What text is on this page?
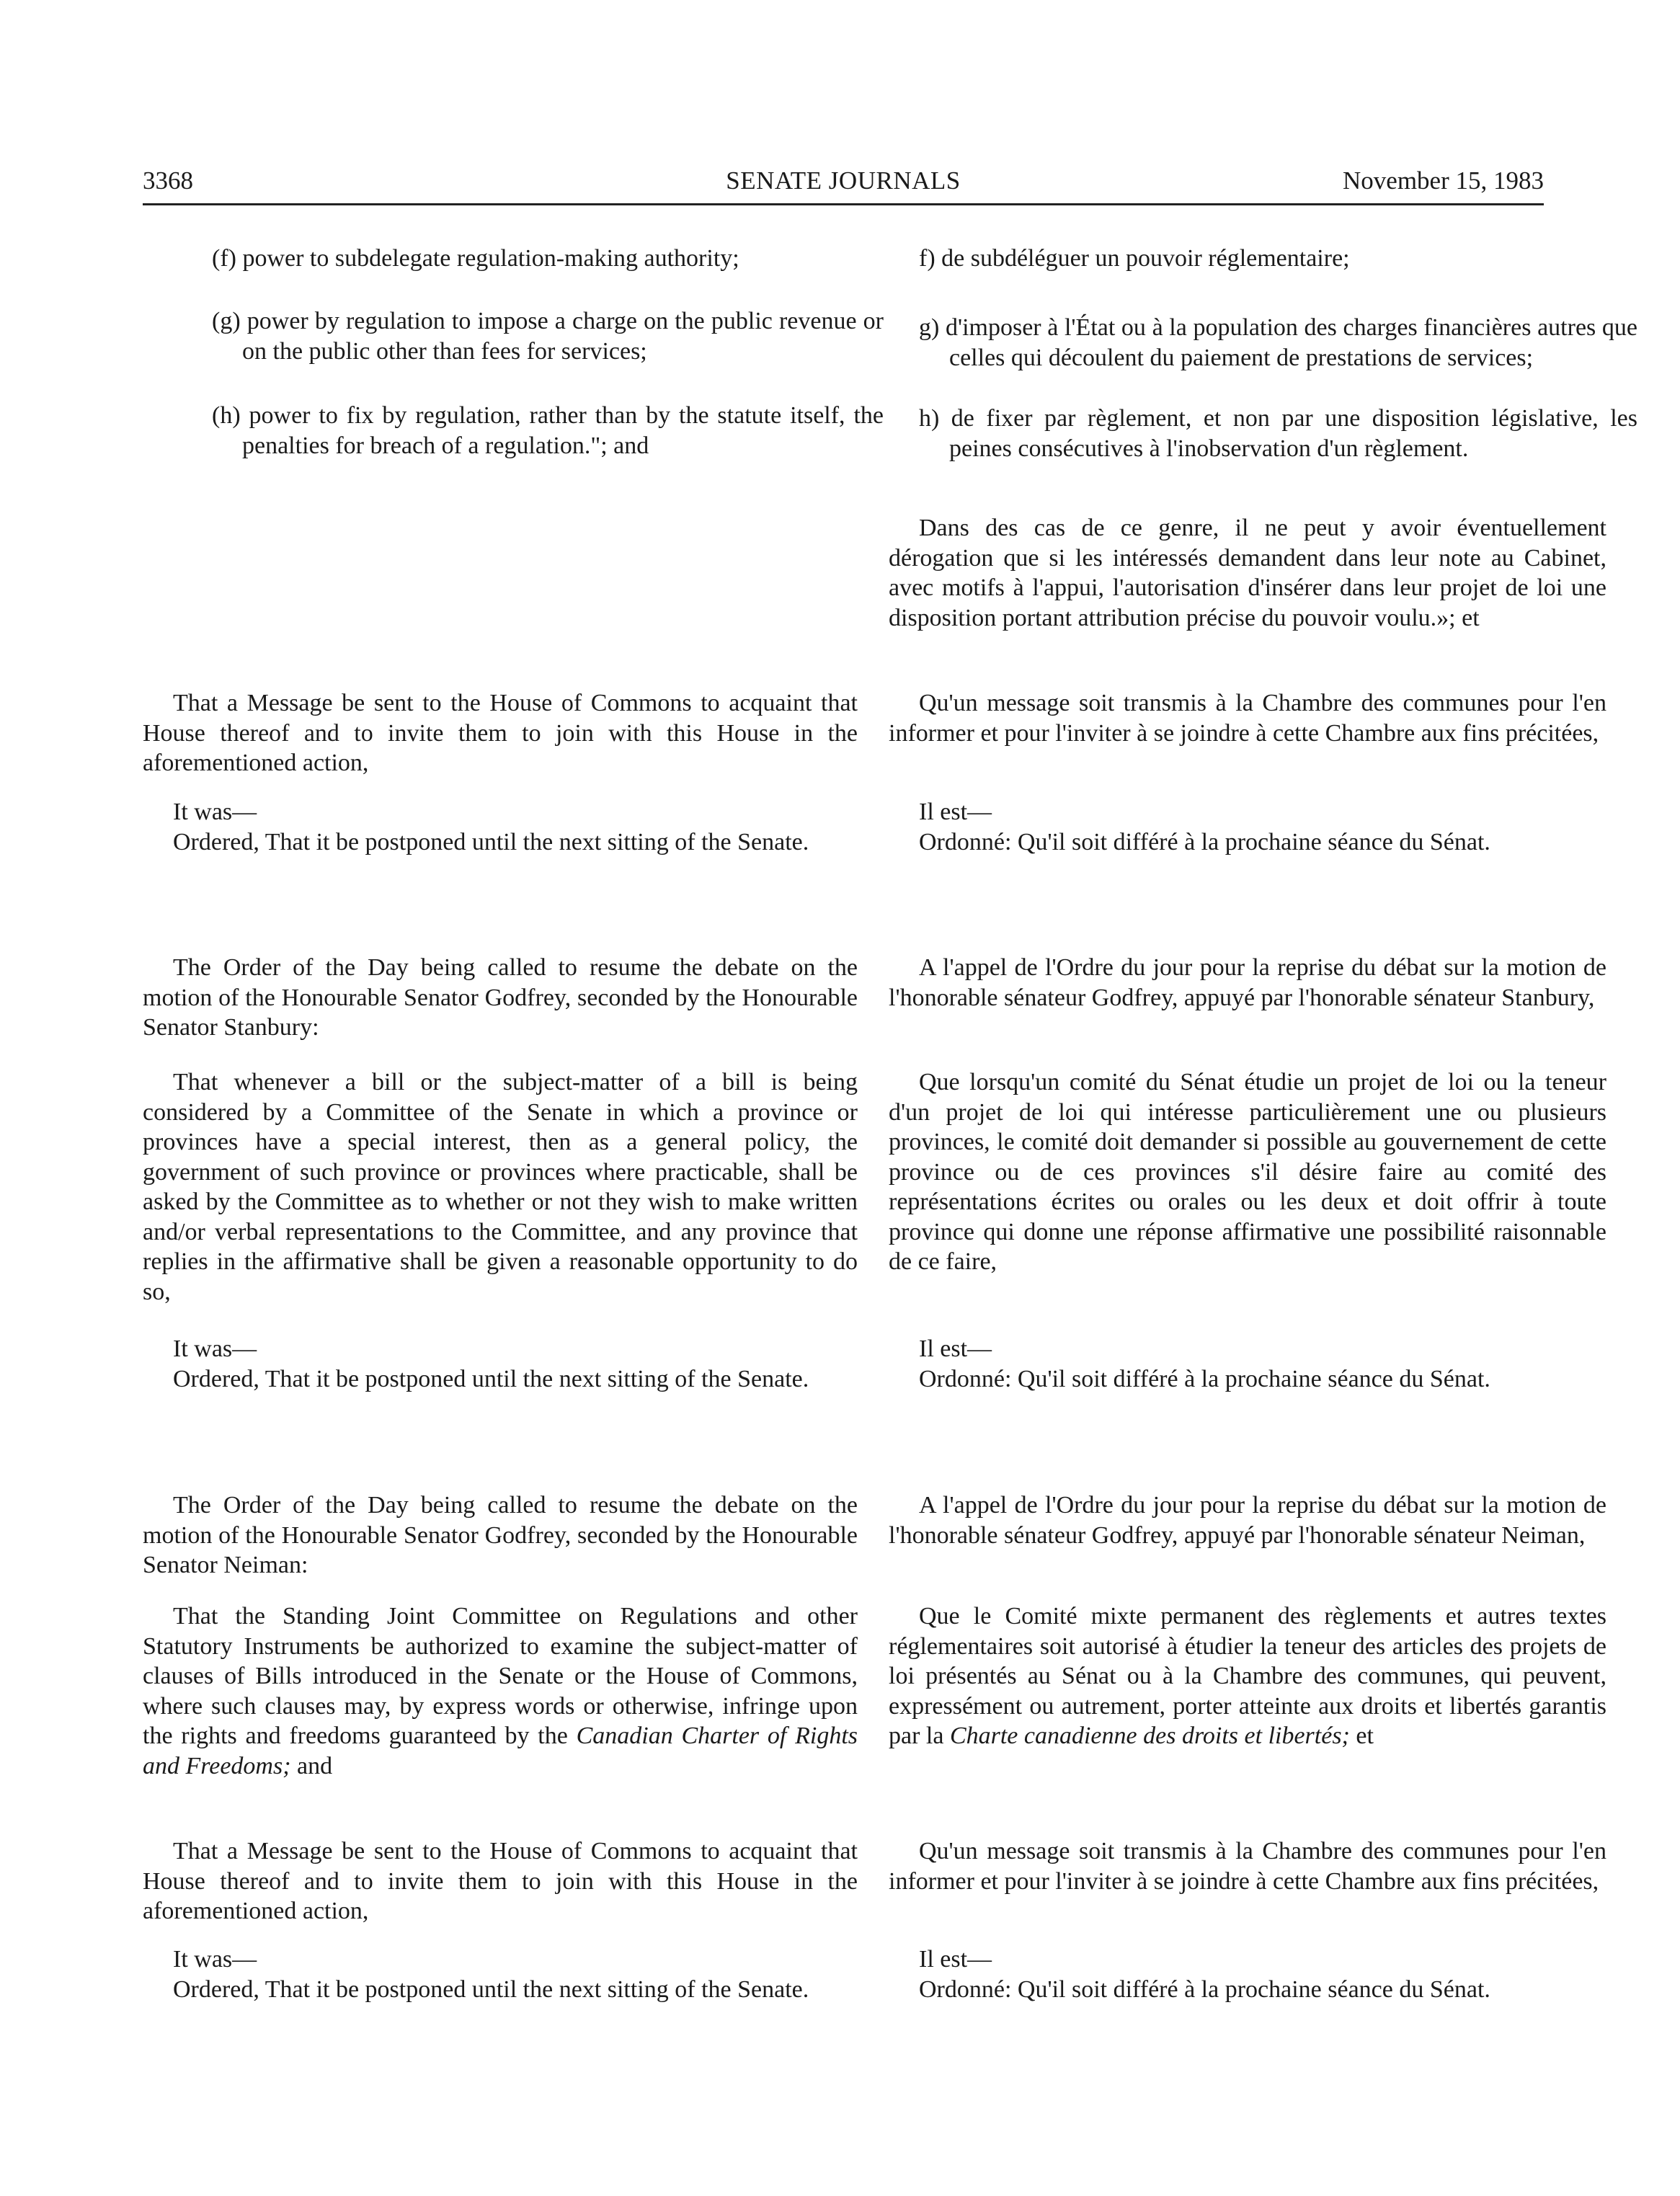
3368	SENATE JOURNALS	November 15, 1983

(f) power to subdelegate regulation-making authority;

(g) power by regulation to impose a charge on the public revenue or on the public other than fees for services;

(h) power to fix by regulation, rather than by the statute itself, the penalties for breach of a regulation."; and

f) de subdéléguer un pouvoir réglementaire;

g) d'imposer à l'État ou à la population des charges financières autres que celles qui découlent du paiement de prestations de services;

h) de fixer par règlement, et non par une disposition législative, les peines consécutives à l'inobservation d'un règlement.

Dans des cas de ce genre, il ne peut y avoir éventuellement dérogation que si les intéressés demandent dans leur note au Cabinet, avec motifs à l'appui, l'autorisation d'insérer dans leur projet de loi une disposition portant attribution précise du pouvoir voulu.»; et

That a Message be sent to the House of Commons to acquaint that House thereof and to invite them to join with this House in the aforementioned action,

Qu'un message soit transmis à la Chambre des communes pour l'en informer et pour l'inviter à se joindre à cette Chambre aux fins précitées,

It was—
Ordered, That it be postponed until the next sitting of the Senate.

Il est—
Ordonné: Qu'il soit différé à la prochaine séance du Sénat.

The Order of the Day being called to resume the debate on the motion of the Honourable Senator Godfrey, seconded by the Honourable Senator Stanbury:

A l'appel de l'Ordre du jour pour la reprise du débat sur la motion de l'honorable sénateur Godfrey, appuyé par l'honorable sénateur Stanbury,

That whenever a bill or the subject-matter of a bill is being considered by a Committee of the Senate in which a province or provinces have a special interest, then as a general policy, the government of such province or provinces where practicable, shall be asked by the Committee as to whether or not they wish to make written and/or verbal representations to the Committee, and any province that replies in the affirmative shall be given a reasonable opportunity to do so,

Que lorsqu'un comité du Sénat étudie un projet de loi ou la teneur d'un projet de loi qui intéresse particulièrement une ou plusieurs provinces, le comité doit demander si possible au gouvernement de cette province ou de ces provinces s'il désire faire au comité des représentations écrites ou orales ou les deux et doit offrir à toute province qui donne une réponse affirmative une possibilité raisonnable de ce faire,

It was—
Ordered, That it be postponed until the next sitting of the Senate.

Il est—
Ordonné: Qu'il soit différé à la prochaine séance du Sénat.

The Order of the Day being called to resume the debate on the motion of the Honourable Senator Godfrey, seconded by the Honourable Senator Neiman:

A l'appel de l'Ordre du jour pour la reprise du débat sur la motion de l'honorable sénateur Godfrey, appuyé par l'honorable sénateur Neiman,

That the Standing Joint Committee on Regulations and other Statutory Instruments be authorized to examine the subject-matter of clauses of Bills introduced in the Senate or the House of Commons, where such clauses may, by express words or otherwise, infringe upon the rights and freedoms guaranteed by the Canadian Charter of Rights and Freedoms; and

Que le Comité mixte permanent des règlements et autres textes réglementaires soit autorisé à étudier la teneur des articles des projets de loi présentés au Sénat ou à la Chambre des communes, qui peuvent, expressément ou autrement, porter atteinte aux droits et libertés garantis par la Charte canadienne des droits et libertés; et

That a Message be sent to the House of Commons to acquaint that House thereof and to invite them to join with this House in the aforementioned action,

Qu'un message soit transmis à la Chambre des communes pour l'en informer et pour l'inviter à se joindre à cette Chambre aux fins précitées,

It was—
Ordered, That it be postponed until the next sitting of the Senate.

Il est—
Ordonné: Qu'il soit différé à la prochaine séance du Sénat.
